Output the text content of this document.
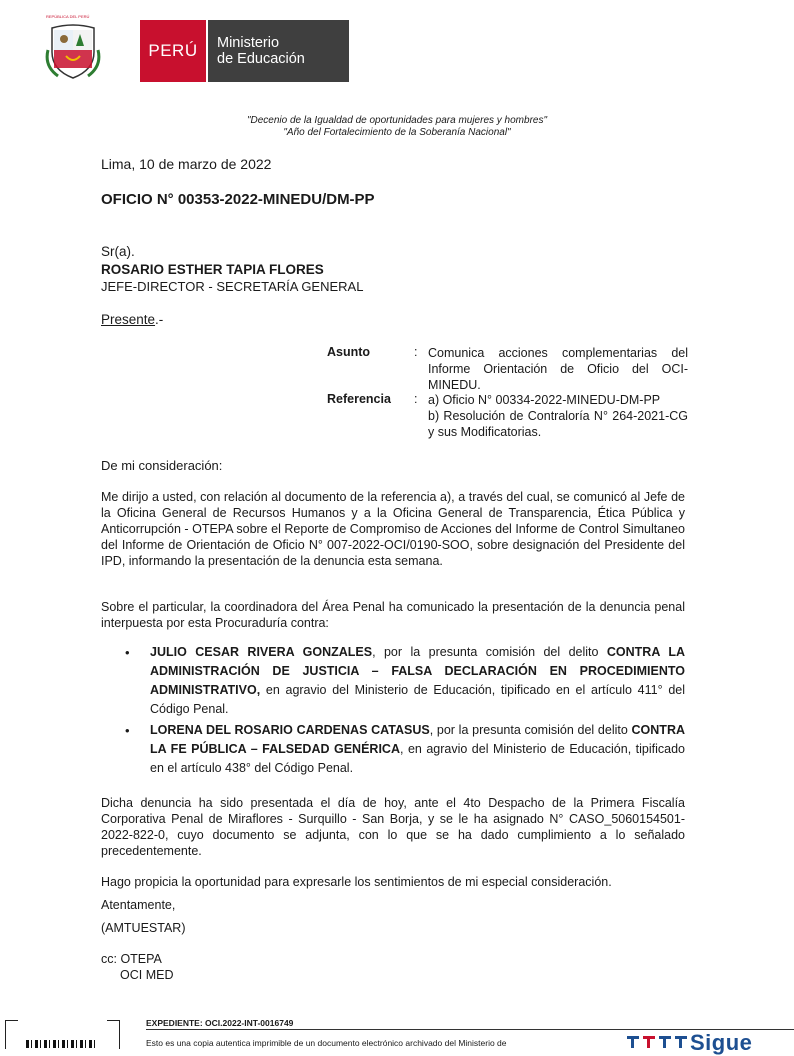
REPÚBLICA DEL PERÚ
PERÚ	Ministerio
de Educación
"Decenio de la Igualdad de oportunidades para mujeres y hombres"
"Año del Fortalecimiento de la Soberanía Nacional"
Lima, 10 de marzo de 2022
OFICIO N° 00353-2022-MINEDU/DM-PP
Sr(a).
ROSARIO ESTHER TAPIA FLORES
JEFE-DIRECTOR - SECRETARÍA GENERAL
Presente.-
Asunto	: Comunica acciones complementarias del Informe Orientación de Oficio del OCI-MINEDU.
Referencia : a) Oficio N° 00334-2022-MINEDU-DM-PP
b) Resolución de Contraloría N° 264-2021-CG y sus Modificatorias.
De mi consideración:
Me dirijo a usted, con relación al documento de la referencia a), a través del cual, se comunicó al Jefe de la Oficina General de Recursos Humanos y a la Oficina General de Transparencia, Ética Pública y Anticorrupción - OTEPA sobre el Reporte de Compromiso de Acciones del Informe de Control Simultaneo del Informe de Orientación de Oficio N° 007-2022-OCI/0190-SOO, sobre designación del Presidente del IPD, informando la presentación de la denuncia esta semana.
Sobre el particular, la coordinadora del Área Penal ha comunicado la presentación de la denuncia penal interpuesta por esta Procuraduría contra:
• JULIO CESAR RIVERA GONZALES, por la presunta comisión del delito CONTRA LA ADMINISTRACIÓN DE JUSTICIA – FALSA DECLARACIÓN EN PROCEDIMIENTO ADMINISTRATIVO, en agravio del Ministerio de Educación, tipificado en el artículo 411° del Código Penal.
• LORENA DEL ROSARIO CARDENAS CATASUS, por la presunta comisión del delito CONTRA LA FE PÚBLICA – FALSEDAD GENÉRICA, en agravio del Ministerio de Educación, tipificado en el artículo 438° del Código Penal.
Dicha denuncia ha sido presentada el día de hoy, ante el 4to Despacho de la Primera Fiscalía Corporativa Penal de Miraflores - Surquillo - San Borja, y se le ha asignado N° CASO_5060154501-2022-822-0, cuyo documento se adjunta, con lo que se ha dado cumplimiento a lo señalado precedentemente.
Hago propicia la oportunidad para expresarle los sentimientos de mi especial consideración.
Atentamente,
(AMTUESTAR)
cc: OTEPA
OCI MED
EXPEDIENTE: OCI.2022-INT-0016749
Esto es una copia autentica imprimible de un documento electrónico archivado del Ministerio de	Sigue
